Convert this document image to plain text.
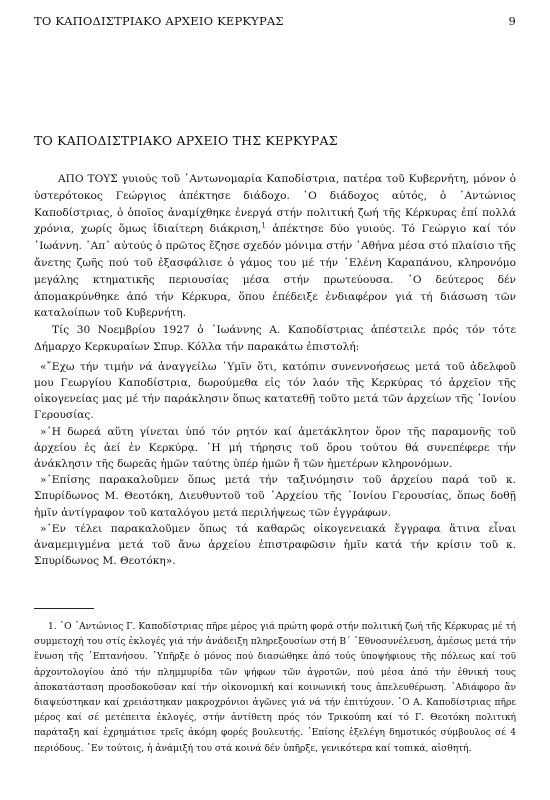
ΤΟ ΚΑΠΟΔΙΣΤΡΙΑΚΟ ΑΡΧΕΙΟ ΚΕΡΚΥΡΑΣ	9
ΤΟ ΚΑΠΟΔΙΣΤΡΙΑΚΟ ΑΡΧΕΙΟ ΤΗΣ ΚΕΡΚΥΡΑΣ

ΑΠΟ ΤΟΥΣ γυιούς τοῦ ᾿Αντωνομαρία Καποδίστρια, πατέρα τοῦ Κυβερνήτη, μόνον ὁ ὑστερότοκος Γεώργιος ἀπέκτησε διάδοχο. ῾Ο διάδοχος αὐτός, ὁ ᾿Αντώνιος Καποδίστριας, ὁ ὁποῖος ἀναμίχθηκε ἐνεργά στήν πολιτική ζωή τῆς Κέρκυρας ἐπί πολλά χρόνια, χωρίς ὅμως ἰδιαίτερη διάκριση,$^1$ ἀπέκτησε δύο γυιούς. Τό Γεώργιο καί τόν ᾿Ιωάννη. ᾿Απ᾿ αὐτούς ὁ πρῶτος ἔζησε σχεδόν μόνιμα στήν ᾿Αθήνα μέσα στό πλαίσιο τῆς ἄνετης ζωῆς πού τοῦ ἐξασφάλισε ὁ γάμος του μέ τήν ᾿Ελένη Καραπάνου, κληρονόμο μεγάλης κτηματικῆς περιουσίας μέσα στήν πρωτεύουσα. ῾Ο δεύτερος δέν ἀπομακρύνθηκε ἀπό τήν Κέρκυρα, ὅπου ἐπέδειξε ἐνδιαφέρον γιά τή διάσωση τῶν καταλοίπων τοῦ Κυβερνήτη.

Τίς 30 Νοεμβρίου 1927 ὁ ᾿Ιωάννης Α. Καποδίστριας ἀπέστειλε πρός τόν τότε Δήμαρχο Κερκυραίων Σπυρ. Κόλλα τήν παρακάτω ἐπιστολή:

«῎Εχω τήν τιμήν νά ἀναγγείλω ῾Υμῖν ὅτι, κατόπιν συνεννοήσεως μετά τοῦ ἀδελφοῦ μου Γεωργίου Καποδίστρια, δωρούμεθα εἰς τόν λαόν τῆς Κερκύρας τό ἀρχεῖον τῆς οἰκογενείας μας μέ τήν παράκλησιν ὅπως κατατεθῇ τοῦτο μετά τῶν ἀρχείων τῆς ᾿Ιονίου Γερουσίας.

»῾Η δωρεά αὕτη γίνεται ὑπό τόν ρητόν καί ἀμετάκλητον ὅρον τῆς παραμονῆς τοῦ ἀρχείου ἐς ἀεί ἐν Κερκύρᾳ. ῾Η μή τήρησις τοῦ ὅρου τούτου θά συνεπέφερε τήν ἀνάκλησιν τῆς δωρεᾶς ἡμῶν ταύτης ὑπέρ ἡμῶν ἤ τῶν ἡμετέρων κληρονόμων.

»᾿Επίσης παρακαλοῦμεν ὅπως μετά τήν ταξινόμησιν τοῦ ἀρχείου παρά τοῦ κ. Σπυρίδωνος Μ. Θεοτόκη, Διευθυντοῦ τοῦ ᾿Αρχείου τῆς ᾿Ιονίου Γερουσίας, ὅπως δοθῇ ἡμῖν ἀντίγραφον τοῦ καταλόγου μετά περιλήψεως τῶν ἐγγράφων.

»᾿Εν τέλει παρακαλοῦμεν ὅπως τά καθαρῶς οἰκογενειακά ἔγγραφα ἅτινα εἶναι ἀναμεμιγμένα μετά τοῦ ἄνω ἀρχείου ἐπιστραφῶσιν ἡμῖν κατά τήν κρίσιν τοῦ κ. Σπυρίδωνος Μ. Θεοτόκη».

1. ῾Ο ᾿Αντώνιος Γ. Καποδίστριας πῆρε μέρος γιά πρώτη φορά στήν πολιτική ζωή τῆς Κέρκυρας μέ τή συμμετοχή του στίς ἐκλογές γιά τήν ἀνάδειξη πληρεξουσίων στή Β΄ ᾿Εθνοσυνέλευση, ἀμέσως μετά τήν ἕνωση τῆς ᾿Επτανήσου. ῾Υπῆρξε ὁ μόνος πού διασώθηκε ἀπό τούς ὑποψήφιους τῆς πόλεως καί τοῦ ἀρχοντολογίου ἀπό τήν πλημμυρίδα τῶν ψήφων τῶν ἀγροτῶν, πού μέσα ἀπό τήν ἐθνική τους ἀποκατάσταση προσδοκοῦσαν καί τήν οἰκονομική καί κοινωνική τους ἀπελευθέρωση. ᾿Αδιάφορο ἄν διαψεύστηκαν καί χρειάστηκαν μακροχρόνιοι ἀγῶνες γιά νά τήν ἐπιτύχουν. ῾Ο Α. Καποδίστριας πῆρε μέρος καί σέ μετέπειτα ἐκλογές, στήν ἀντίθετη πρός τόν Τρικούπη καί τό Γ. Θεοτόκη πολιτική παράταξη καί ἐχρημάτισε τρεῖς ἀκόμη φορές βουλευτής. ᾿Επίσης ἐξελέγη δημοτικός σύμβουλος σέ 4 περιόδους. ᾿Εν τούτοις, ἡ ἀνάμιξή του στά κοινά δέν ὑπῆρξε, γενικότερα καί τοπικά, αἰσθητή.
